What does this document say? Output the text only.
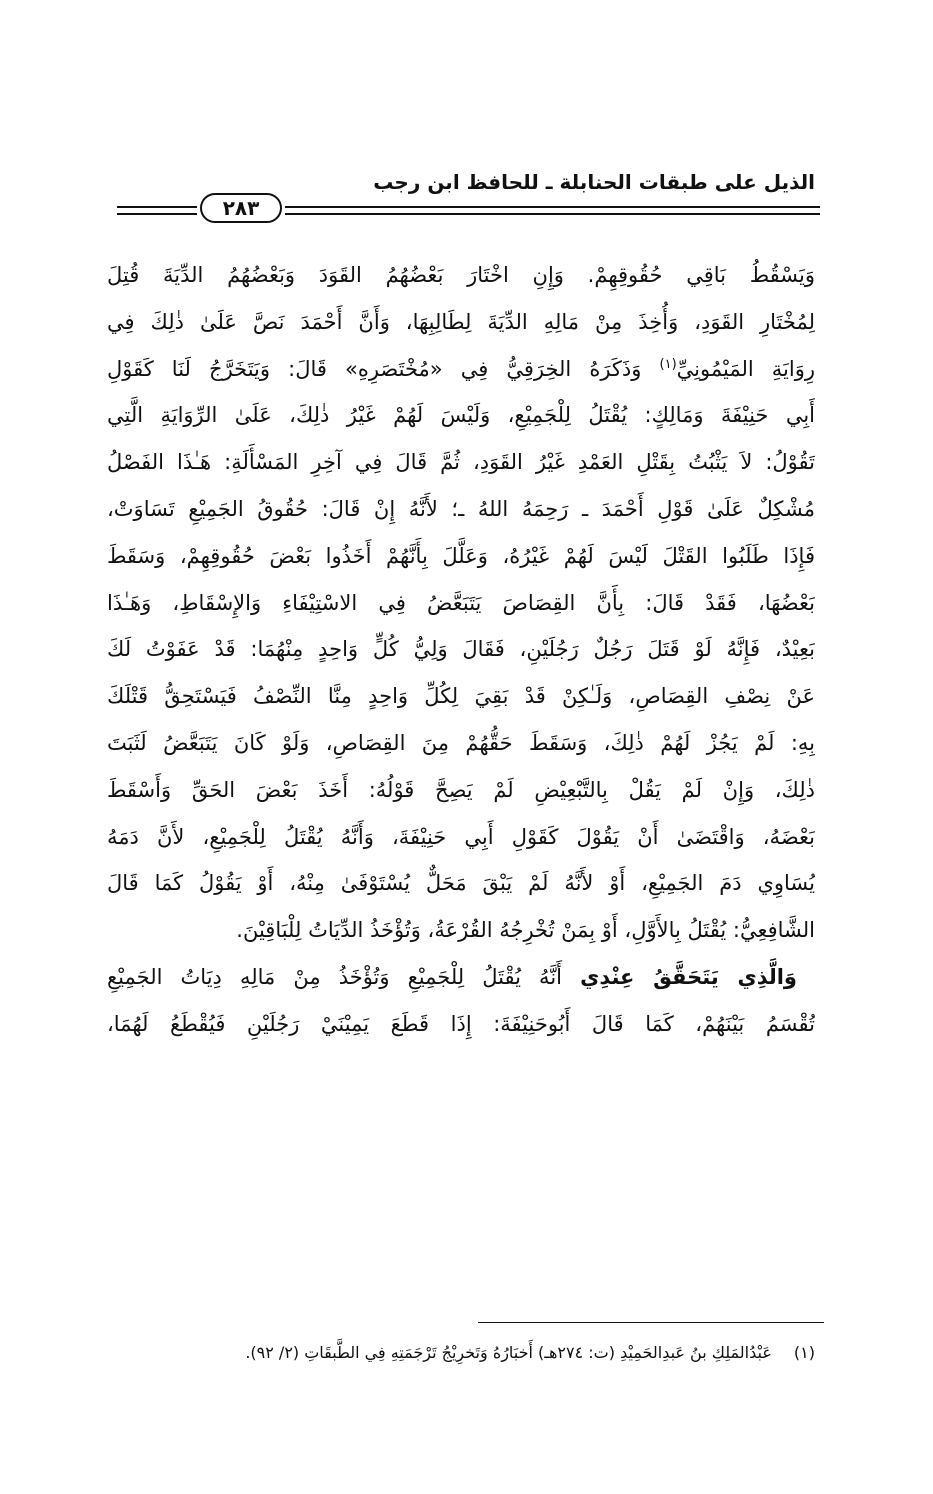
الذيل على طبقات الحنابلة ـ للحافظ ابن رجب
٢٨٣
وَيَسْقُطُ بَاقِي حُقُوقِهِمْ. وَإِنِ اخْتَارَ بَعْضُهُمُ القَوَدَ وَبَعْضُهُمُ الدِّيَةَ قُتِلَ
لِمُخْتَارِ القَوَدِ، وَأُخِذَ مِنْ مَالِهِ الدِّيَةَ لِطَالِبِهَا، وَأَنَّ أَحْمَدَ نَصَّ عَلَىٰ ذٰلِكَ فِي
رِوَايَةِ المَيْمُونِيِّ$^{(١)}$ وَذَكَرَهُ الخِرَقِيُّ فِي «مُخْتَصَرِهِ» قَالَ: وَيَتَخَرَّجُ لَنَا كَقَوْلِ
أَبِي حَنِيْفَةَ وَمَالِكٍ: يُقْتَلُ لِلْجَمِيْعِ، وَلَيْسَ لَهُمْ غَيْرُ ذٰلِكَ، عَلَىٰ الرِّوَايَةِ الَّتِي
تَقُوْلُ: لاَ يَثْبُتُ بِقَتْلِ العَمْدِ غَيْرُ القَوَدِ، ثُمَّ قَالَ فِي آخِرِ المَسْأَلَةِ: هَـٰذَا الفَصْلُ
مُشْكِلٌ عَلَىٰ قَوْلِ أَحْمَدَ ـ رَحِمَهُ اللهُ ـ؛ لأَنَّهُ إِنْ قَالَ: حُقُوقُ الجَمِيْعِ تَسَاوَتْ،
فَإِذَا طَلَبُوا القَتْلَ لَيْسَ لَهُمْ غَيْرُهُ، وَعَلَّلَ بِأَنَّهُمْ أَخَذُوا بَعْضَ حُقُوقِهِمْ، وَسَقَطَ
بَعْضُهَا، فَقَدْ قَالَ: بِأَنَّ القِصَاصَ يَتَبَعَّضُ فِي الاسْتِيْفَاءِ وَالإِسْقَاطِ، وَهَـٰذَا
بَعِيْدٌ، فَإِنَّهُ لَوْ قَتَلَ رَجُلٌ رَجُلَيْنِ، فَقَالَ وَلِيُّ كُلٍّ وَاحِدٍ مِنْهُمَا: قَدْ عَفَوْتُ لَكَ
عَنْ نِصْفِ القِصَاصِ، وَلَـٰكِنْ قَدْ بَقِيَ لِكُلِّ وَاحِدٍ مِنَّا النِّصْفُ فَيَسْتَحِقُّ قَتْلَكَ
بِهِ: لَمْ يَجُزْ لَهُمْ ذٰلِكَ، وَسَقَطَ حَقُّهُمْ مِنَ القِصَاصِ، وَلَوْ كَانَ يَتَبَعَّضُ لَثَبَتَ
ذٰلِكَ، وَإِنْ لَمْ يَقُلْ بِالتَّبْعِيْضِ لَمْ يَصِحَّ قَوْلُهُ: أَخَذَ بَعْضَ الحَقِّ وَأَسْقَطَ
بَعْضَهُ، وَاقْتَضَىٰ أَنْ يَقُوْلَ كَقَوْلِ أَبِي حَنِيْفَةَ، وَأَنَّهُ يُقْتَلُ لِلْجَمِيْعِ، لأَنَّ دَمَهُ
يُسَاوِي دَمَ الجَمِيْعِ، أَوْ لأَنَّهُ لَمْ يَبْقَ مَحَلٌّ يُسْتَوْفَىٰ مِنْهُ، أَوْ يَقُوْلُ كَمَا قَالَ
الشَّافِعِيُّ: يُقْتَلُ بِالأَوَّلِ، أَوْ بِمَنْ تُخْرِجُهُ القُرْعَةُ، وَتُؤْخَذُ الدِّيَاتُ لِلْبَاقِيْنَ.
وَالَّذِي يَتَحَقَّقُ عِنْدِي أَنَّهُ يُقْتَلُ لِلْجَمِيْعِ وَتُؤْخَذُ مِنْ مَالِهِ دِيَاتُ الجَمِيْعِ
تُقْسَمُ بَيْنَهُمْ، كَمَا قَالَ أَبُوحَنِيْفَةَ: إِذَا قَطَعَ يَمِيْنَيْ رَجُلَيْنِ فَيُقْطَعُ لَهُمَا،
(١)عَبْدُالمَلِكِ بنُ عَبدِالحَمِيْدِ (ت: ٢٧٤هـ) أَخبَارُهُ وَتَخرِيْجُ تَرْجَمَتِهِ فِي الطَّبقَاتِ (٢/ ٩٢).
